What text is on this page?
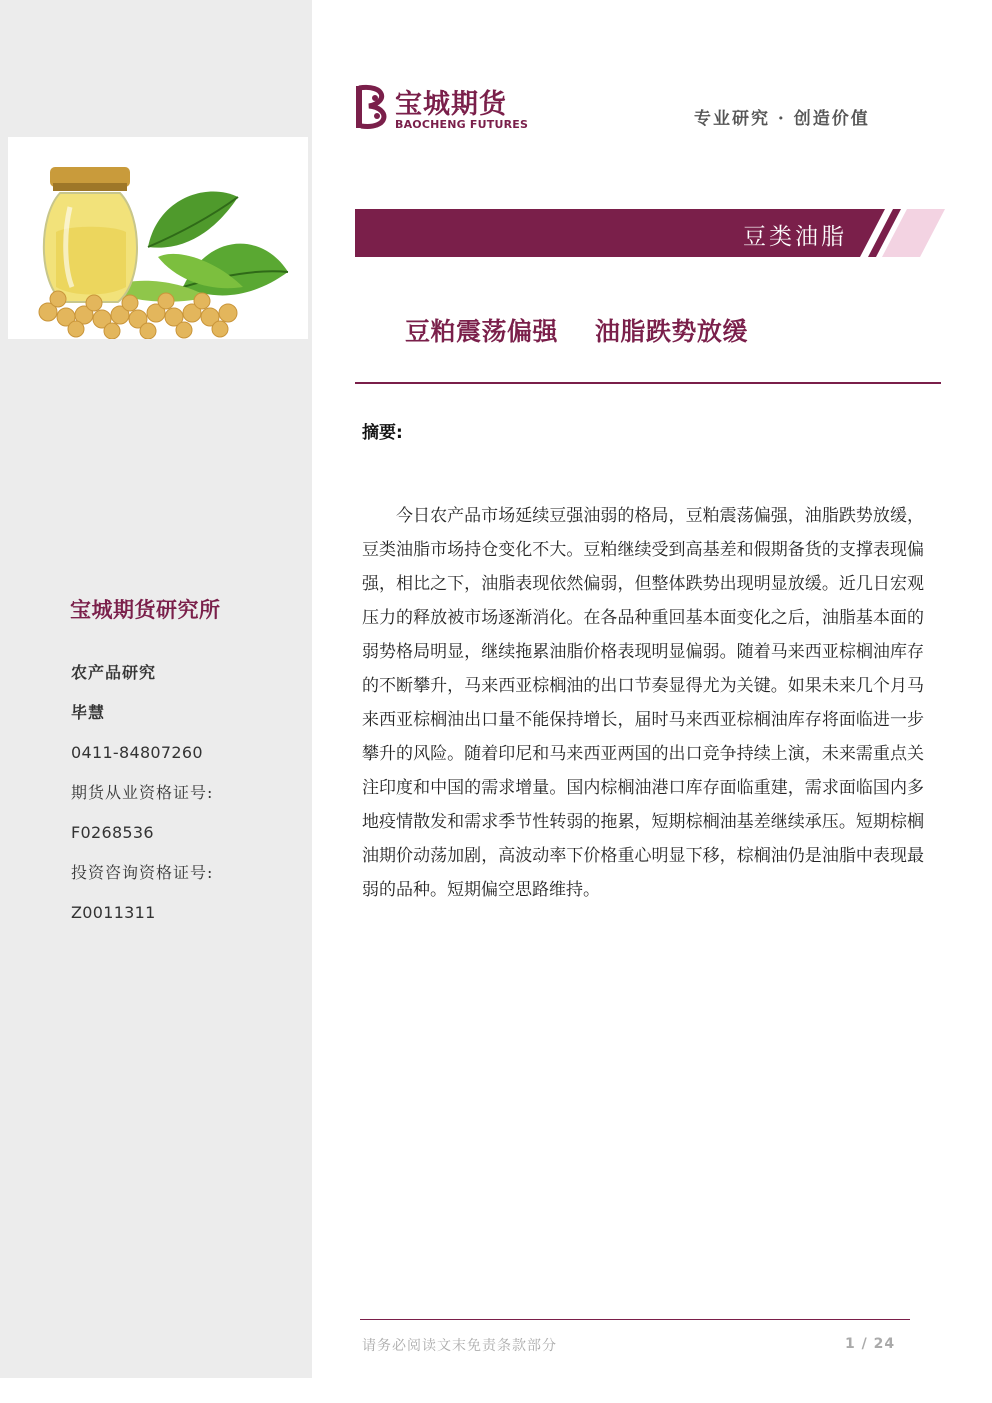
宝城期货研究所
农产品研究
毕慧
0411-84807260
期货从业资格证号:
F0268536
投资咨询资格证号:
Z0011311
宝城期货
BAOCHENG FUTURES	专业研究 · 创造价值
豆类油脂
豆粕震荡偏强    油脂跌势放缓
摘要:

今日农产品市场延续豆强油弱的格局，豆粕震荡偏强，油脂跌势放缓，豆类油脂市场持仓变化不大。豆粕继续受到高基差和假期备货的支撑表现偏强，相比之下，油脂表现依然偏弱，但整体跌势出现明显放缓。近几日宏观压力的释放被市场逐渐消化。在各品种重回基本面变化之后，油脂基本面的弱势格局明显，继续拖累油脂价格表现明显偏弱。随着马来西亚棕榈油库存的不断攀升，马来西亚棕榈油的出口节奏显得尤为关键。如果未来几个月马来西亚棕榈油出口量不能保持增长，届时马来西亚棕榈油库存将面临进一步攀升的风险。随着印尼和马来西亚两国的出口竞争持续上演，未来需重点关注印度和中国的需求增量。国内棕榈油港口库存面临重建，需求面临国内多地疫情散发和需求季节性转弱的拖累，短期棕榈油基差继续承压。短期棕榈油期价动荡加剧，高波动率下价格重心明显下移，棕榈油仍是油脂中表现最弱的品种。短期偏空思路维持。

请务必阅读文末免责条款部分	1 / 24
